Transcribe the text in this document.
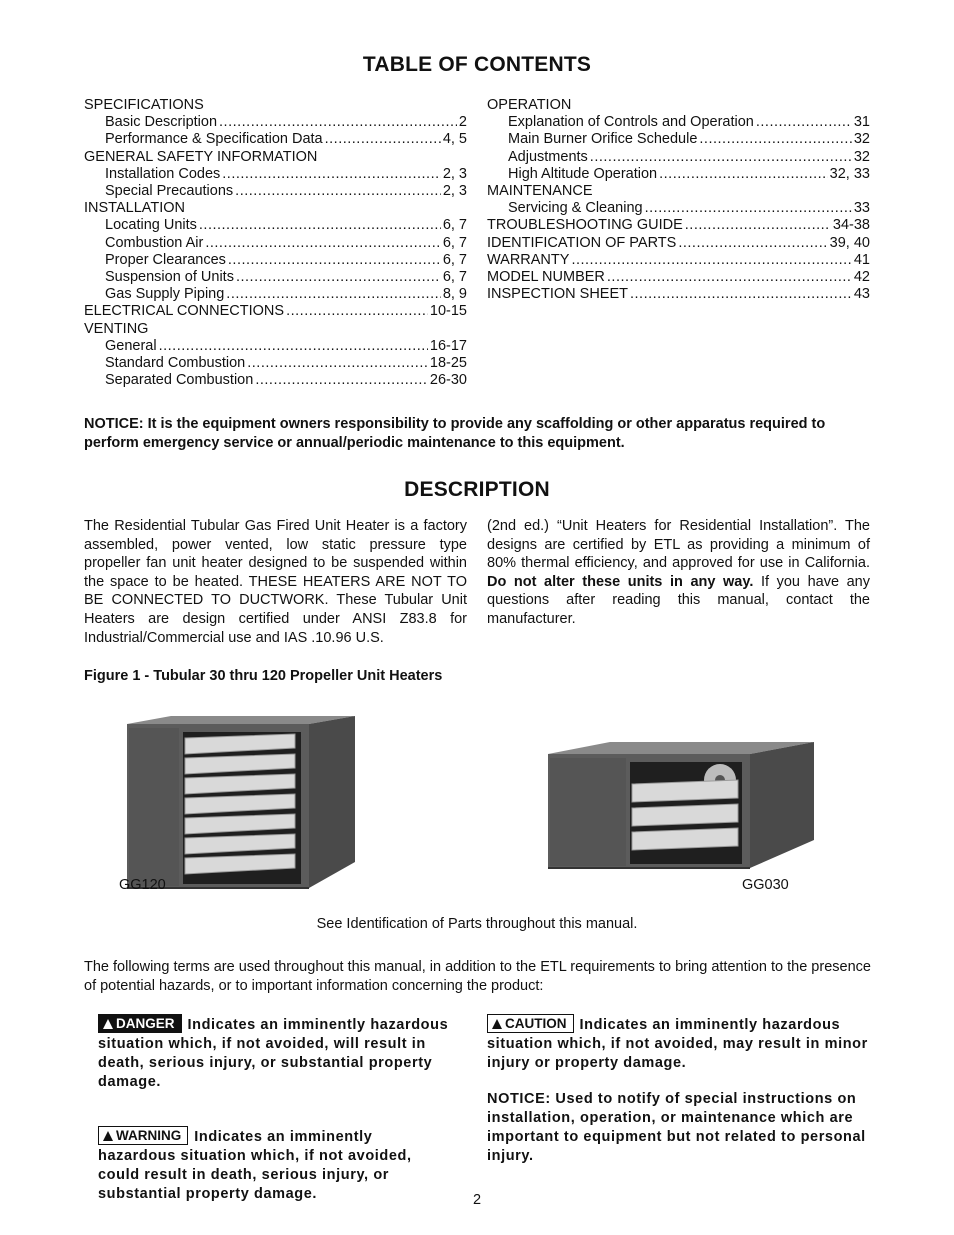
TABLE OF CONTENTS
SPECIFICATIONS
Basic Description .....	2
Performance & Specification Data .....	4, 5
GENERAL SAFETY INFORMATION
Installation Codes .....	2, 3
Special Precautions .....	2, 3
INSTALLATION
Locating Units .....	6, 7
Combustion Air .....	6, 7
Proper Clearances .....	6, 7
Suspension of Units .....	6, 7
Gas Supply Piping .....	8, 9
ELECTRICAL CONNECTIONS .....	10-15
VENTING
General .....	16-17
Standard Combustion .....	18-25
Separated Combustion .....	26-30
OPERATION
Explanation of Controls and Operation .....	31
Main Burner Orifice Schedule .....	32
Adjustments .....	32
High Altitude Operation .....	32, 33
MAINTENANCE
Servicing & Cleaning .....	33
TROUBLESHOOTING GUIDE .....	34-38
IDENTIFICATION OF PARTS .....	39, 40
WARRANTY .....	41
MODEL NUMBER .....	42
INSPECTION SHEET .....	43
NOTICE: It is the equipment owners responsibility to provide any scaffolding or other apparatus required to perform emergency service or annual/periodic maintenance to this equipment.
DESCRIPTION
The Residential Tubular Gas Fired Unit Heater is a factory assembled, power vented, low static pressure type propeller fan unit heater designed to be suspended within the space to be heated. THESE HEATERS ARE NOT TO BE CONNECTED TO DUCTWORK. These Tubular Unit Heaters are design certified under ANSI Z83.8 for Industrial/Commercial use and IAS .10.96 U.S.
(2nd ed.) “Unit Heaters for Residential Installation”. The designs are certified by ETL as providing a minimum of 80% thermal efficiency, and approved for use in California. Do not alter these units in any way. If you have any questions after reading this manual, contact the manufacturer.
Figure 1 - Tubular 30 thru 120 Propeller Unit Heaters
GG120	GG030
See Identification of Parts throughout this manual.
The following terms are used throughout this manual, in addition to the ETL requirements to bring attention to the presence of potential hazards, or to important information concerning the product:
DANGER Indicates an imminently hazardous situation which, if not avoided, will result in death, serious injury, or substantial property damage.
WARNING Indicates an imminently hazardous situation which, if not avoided, could result in death, serious injury, or substantial property damage.
CAUTION Indicates an imminently hazardous situation which, if not avoided, may result in minor injury or property damage.
NOTICE: Used to notify of special instructions on installation, operation, or maintenance which are important to equipment but not related to personal injury.
2
